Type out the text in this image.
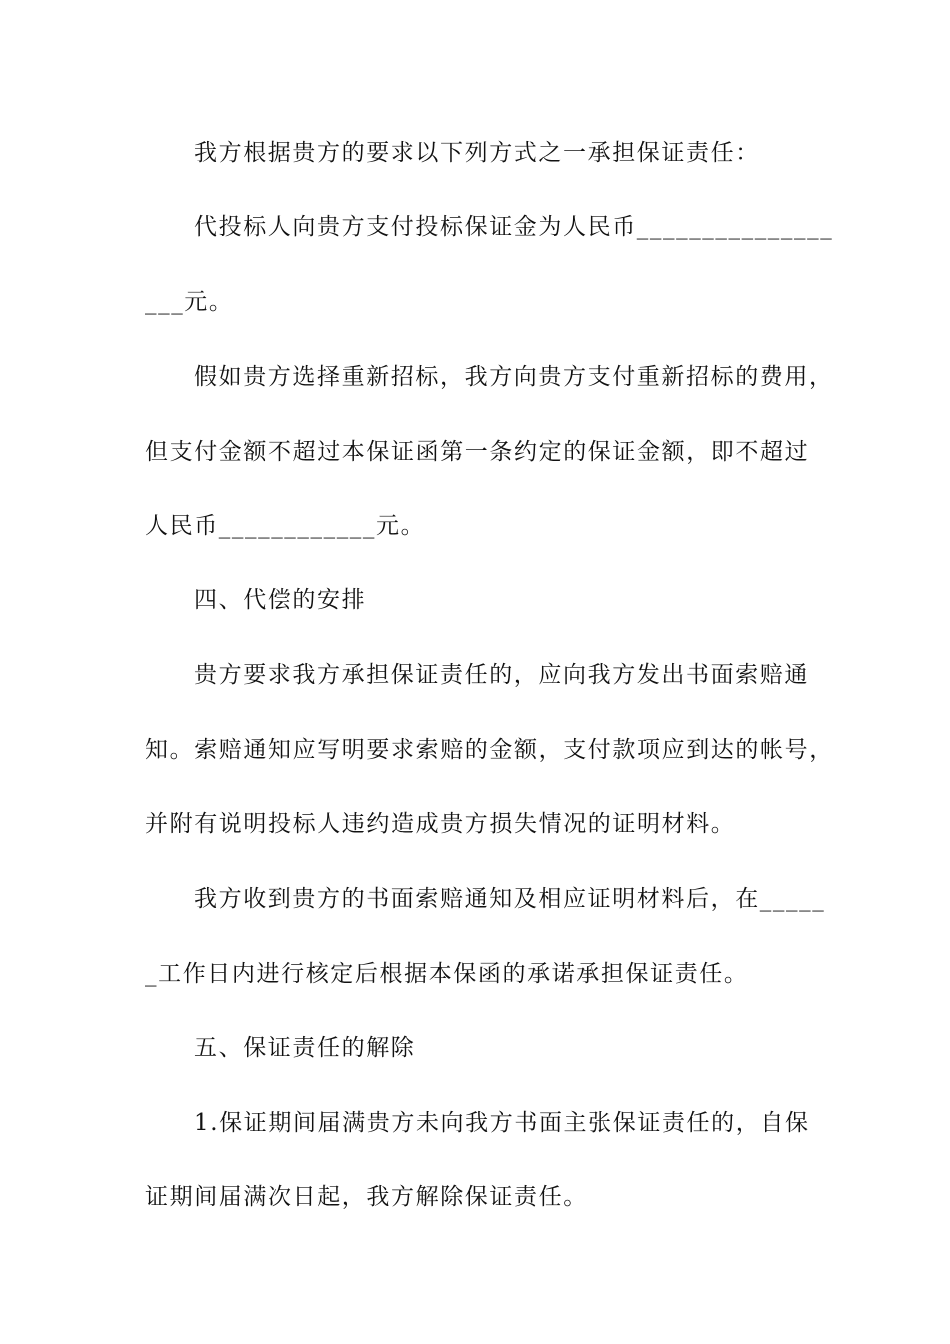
我方根据贵方的要求以下列方式之一承担保证责任：
代投标人向贵方支付投标保证金为人民币_______________
___元。
假如贵方选择重新招标，我方向贵方支付重新招标的费用，
但支付金额不超过本保证函第一条约定的保证金额，即不超过
人民币____________元。
四、代偿的安排
贵方要求我方承担保证责任的，应向我方发出书面索赔通
知。索赔通知应写明要求索赔的金额，支付款项应到达的帐号，
并附有说明投标人违约造成贵方损失情况的证明材料。
我方收到贵方的书面索赔通知及相应证明材料后，在_____
_工作日内进行核定后根据本保函的承诺承担保证责任。
五、保证责任的解除
1.保证期间届满贵方未向我方书面主张保证责任的，自保
证期间届满次日起，我方解除保证责任。
